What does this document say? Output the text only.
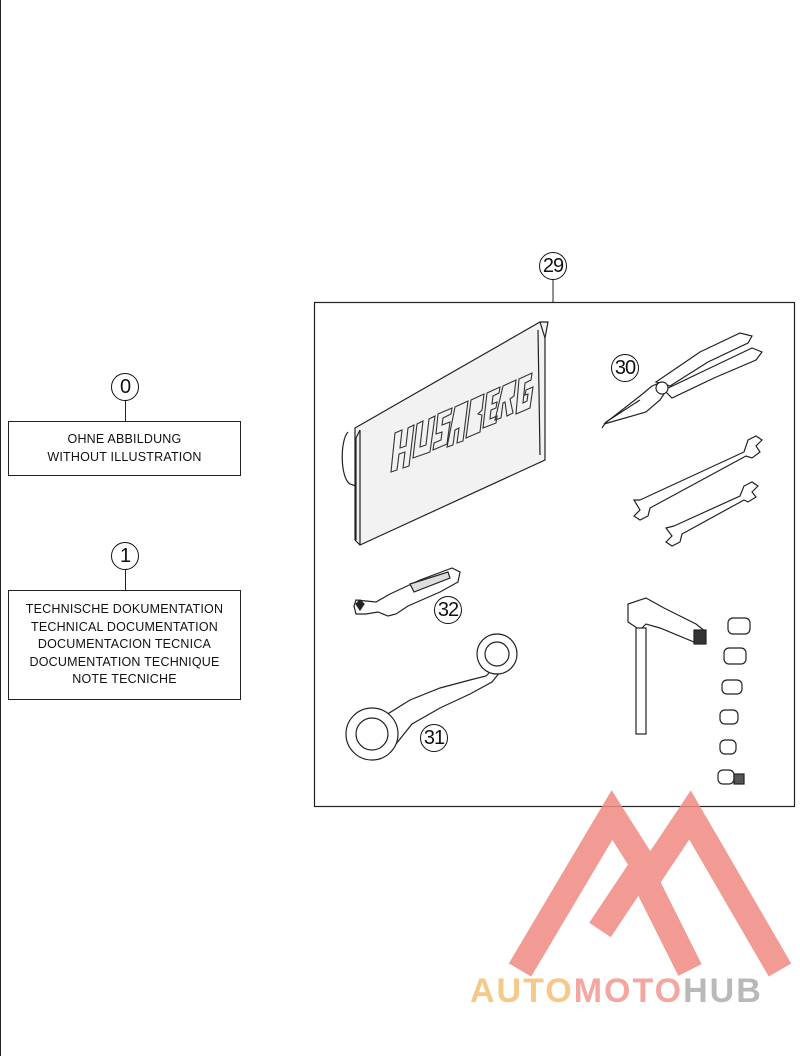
0
OHNE ABBILDUNG
WITHOUT ILLUSTRATION
1
TECHNISCHE DOKUMENTATION
TECHNICAL DOCUMENTATION
DOCUMENTACION TECNICA
DOCUMENTATION TECHNIQUE
NOTE TECNICHE
29
30
31
32
AUTOMOTOHUB
